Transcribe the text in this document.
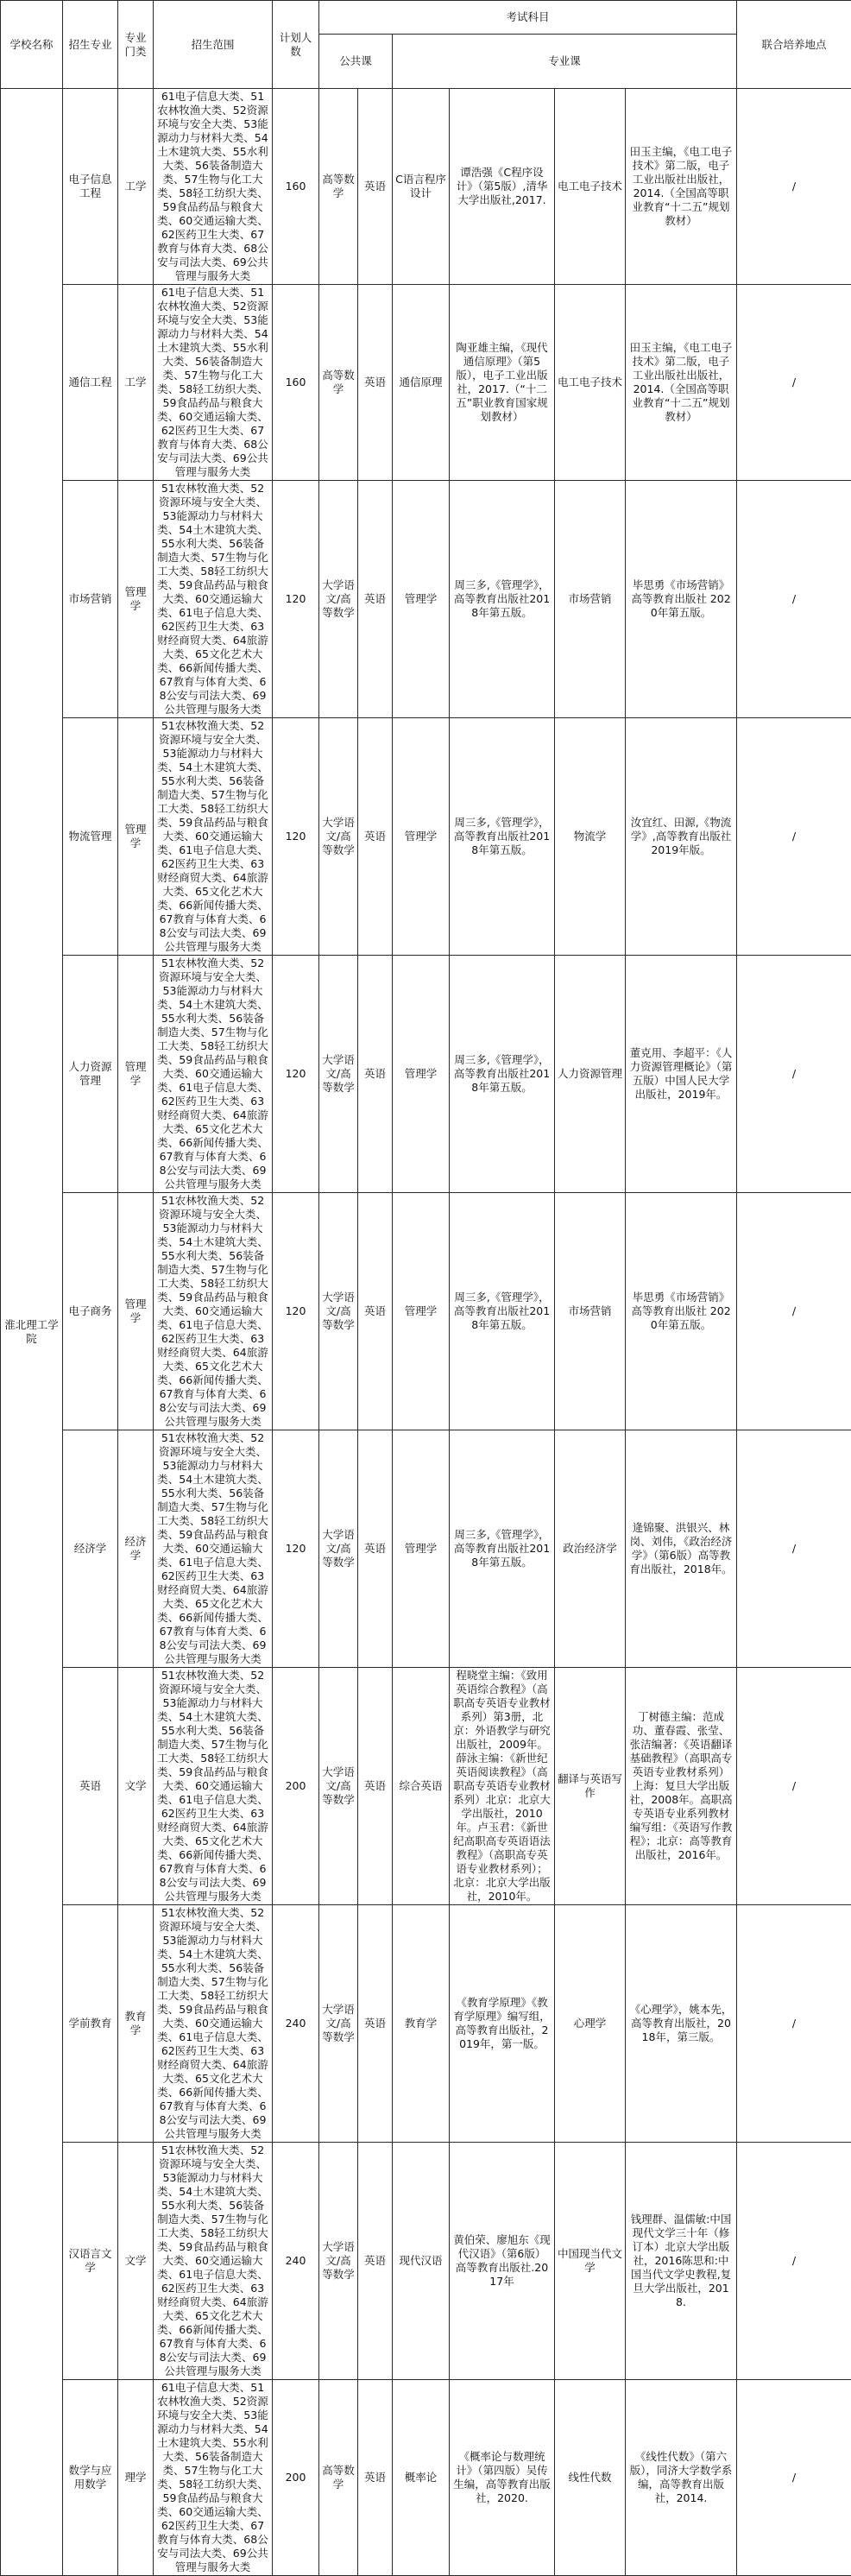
学校名称	招生专业	专业门类	招生范围	计划人数	考试科目						联合培养地点
					公共课		专业课				
淮北理工学院	电子信息工程	工学	61电子信息大类、51农林牧渔大类、52资源环境与安全大类、53能源动力与材料大类、54土木建筑大类、55水利大类、56装备制造大类、57生物与化工大类、58轻工纺织大类、59食品药品与粮食大类、60交通运输大类、62医药卫生大类、67教育与体育大类、68公安与司法大类、69公共管理与服务大类	160	高等数学	英语	C语言程序设计	谭浩强《C程序设计》（第5版）,清华大学出版社,2017.	电工电子技术	田玉主编，《电工电子技术》第二版，电子工业出版社出版社，2014.（全国高等职业教育“十二五”规划教材）	/
	通信工程	工学	61电子信息大类、51农林牧渔大类、52资源环境与安全大类、53能源动力与材料大类、54土木建筑大类、55水利大类、56装备制造大类、57生物与化工大类、58轻工纺织大类、59食品药品与粮食大类、60交通运输大类、62医药卫生大类、67教育与体育大类、68公安与司法大类、69公共管理与服务大类	160	高等数学	英语	通信原理	陶亚雄主编，《现代通信原理》（第5版），电子工业出版社，2017.（“十二五”职业教育国家规划教材）	电工电子技术	田玉主编，《电工电子技术》第二版，电子工业出版社出版社，2014.（全国高等职业教育“十二五”规划教材）	/
	市场营销	管理学	51农林牧渔大类、52资源环境与安全大类、53能源动力与材料大类、54土木建筑大类、55水利大类、56装备制造大类、57生物与化工大类、58轻工纺织大类、59食品药品与粮食大类、60交通运输大类、61电子信息大类、62医药卫生大类、63财经商贸大类、64旅游大类、65文化艺术大类、66新闻传播大类、67教育与体育大类、68公安与司法大类、69公共管理与服务大类	120	大学语文/高等数学	英语	管理学	周三多,《管理学》，高等教育出版社2018年第五版。	市场营销	毕思勇《市场营销》高等教育出版社 2020年第五版。	/
	物流管理	管理学	51农林牧渔大类、52资源环境与安全大类、53能源动力与材料大类、54土木建筑大类、55水利大类、56装备制造大类、57生物与化工大类、58轻工纺织大类、59食品药品与粮食大类、60交通运输大类、61电子信息大类、62医药卫生大类、63财经商贸大类、64旅游大类、65文化艺术大类、66新闻传播大类、67教育与体育大类、68公安与司法大类、69公共管理与服务大类	120	大学语文/高等数学	英语	管理学	周三多,《管理学》，高等教育出版社2018年第五版。	物流学	汝宜红、田源,《物流学》,高等教育出版社2019年版。	/
	人力资源管理	管理学	51农林牧渔大类、52资源环境与安全大类、53能源动力与材料大类、54土木建筑大类、55水利大类、56装备制造大类、57生物与化工大类、58轻工纺织大类、59食品药品与粮食大类、60交通运输大类、61电子信息大类、62医药卫生大类、63财经商贸大类、64旅游大类、65文化艺术大类、66新闻传播大类、67教育与体育大类、68公安与司法大类、69公共管理与服务大类	120	大学语文/高等数学	英语	管理学	周三多,《管理学》，高等教育出版社2018年第五版。	人力资源管理	董克用、李超平：《人力资源管理概论》（第五版）中国人民大学出版社，2019年。	/
	电子商务	管理学	51农林牧渔大类、52资源环境与安全大类、53能源动力与材料大类、54土木建筑大类、55水利大类、56装备制造大类、57生物与化工大类、58轻工纺织大类、59食品药品与粮食大类、60交通运输大类、61电子信息大类、62医药卫生大类、63财经商贸大类、64旅游大类、65文化艺术大类、66新闻传播大类、67教育与体育大类、68公安与司法大类、69公共管理与服务大类	120	大学语文/高等数学	英语	管理学	周三多,《管理学》，高等教育出版社2018年第五版。	市场营销	毕思勇《市场营销》高等教育出版社 2020年第五版。	/
	经济学	经济学	51农林牧渔大类、52资源环境与安全大类、53能源动力与材料大类、54土木建筑大类、55水利大类、56装备制造大类、57生物与化工大类、58轻工纺织大类、59食品药品与粮食大类、60交通运输大类、61电子信息大类、62医药卫生大类、63财经商贸大类、64旅游大类、65文化艺术大类、66新闻传播大类、67教育与体育大类、68公安与司法大类、69公共管理与服务大类	120	大学语文/高等数学	英语	管理学	周三多,《管理学》，高等教育出版社2018年第五版。	政治经济学	逄锦聚、洪银兴、林岗、刘伟，《政治经济学》（第6版）高等教育出版社，2018年。	/
	英语	文学	51农林牧渔大类、52资源环境与安全大类、53能源动力与材料大类、54土木建筑大类、55水利大类、56装备制造大类、57生物与化工大类、58轻工纺织大类、59食品药品与粮食大类、60交通运输大类、61电子信息大类、62医药卫生大类、63财经商贸大类、64旅游大类、65文化艺术大类、66新闻传播大类、67教育与体育大类、68公安与司法大类、69公共管理与服务大类	200	大学语文/高等数学	英语	综合英语	程晓堂主编：《致用英语综合教程》（高职高专英语专业教材系列）第3册，北京：外语教学与研究出版社，2009年。薛泳主编：《新世纪英语阅读教程》（高职高专英语专业教材系列）北京：北京大学出版社，2010年。卢玉君：《新世纪高职高专英语语法教程》（高职高专英语专业教材系列）；北京：北京大学出版社，2010年。	翻译与英语写作	丁树德主编：范成功、董春霞、张莹、张洁编著：《英语翻译基础教程》（高职高专英语专业教材系列）上海：复旦大学出版社，2008年。高职高专英语专业系列教材编写组：《英语写作教程》；北京：高等教育出版社，2016年。	/
	学前教育	教育学	51农林牧渔大类、52资源环境与安全大类、53能源动力与材料大类、54土木建筑大类、55水利大类、56装备制造大类、57生物与化工大类、58轻工纺织大类、59食品药品与粮食大类、60交通运输大类、61电子信息大类、62医药卫生大类、63财经商贸大类、64旅游大类、65文化艺术大类、66新闻传播大类、67教育与体育大类、68公安与司法大类、69公共管理与服务大类	240	大学语文/高等数学	英语	教育学	《教育学原理》《教育学原理》编写组，高等教育出版社，2019年，第一版。	心理学	《心理学》，姚本先，高等教育出版社，2018年，第三版。	/
	汉语言文学	文学	51农林牧渔大类、52资源环境与安全大类、53能源动力与材料大类、54土木建筑大类、55水利大类、56装备制造大类、57生物与化工大类、58轻工纺织大类、59食品药品与粮食大类、60交通运输大类、61电子信息大类、62医药卫生大类、63财经商贸大类、64旅游大类、65文化艺术大类、66新闻传播大类、67教育与体育大类、68公安与司法大类、69公共管理与服务大类	240	大学语文/高等数学	英语	现代汉语	黄伯荣、廖旭东《现代汉语》（第6版）高等教育出版社.2017年	中国现当代文学	钱理群、温儒敏:中国现代文学三十年（修订本）北京大学出版社，2016陈思和:中国当代文学史教程,复旦大学出版社，2018.	/
	数学与应用数学	理学	61电子信息大类、51农林牧渔大类、52资源环境与安全大类、53能源动力与材料大类、54土木建筑大类、55水利大类、56装备制造大类、57生物与化工大类、58轻工纺织大类、59食品药品与粮食大类、60交通运输大类、62医药卫生大类、67教育与体育大类、68公安与司法大类、69公共管理与服务大类	200	高等数学	英语	概率论	《概率论与数理统计》（第四版）吴传生编，高等教育出版社，2020.	线性代数	《线性代数》（第六版），同济大学数学系编，高等教育出版社，2014.	/
